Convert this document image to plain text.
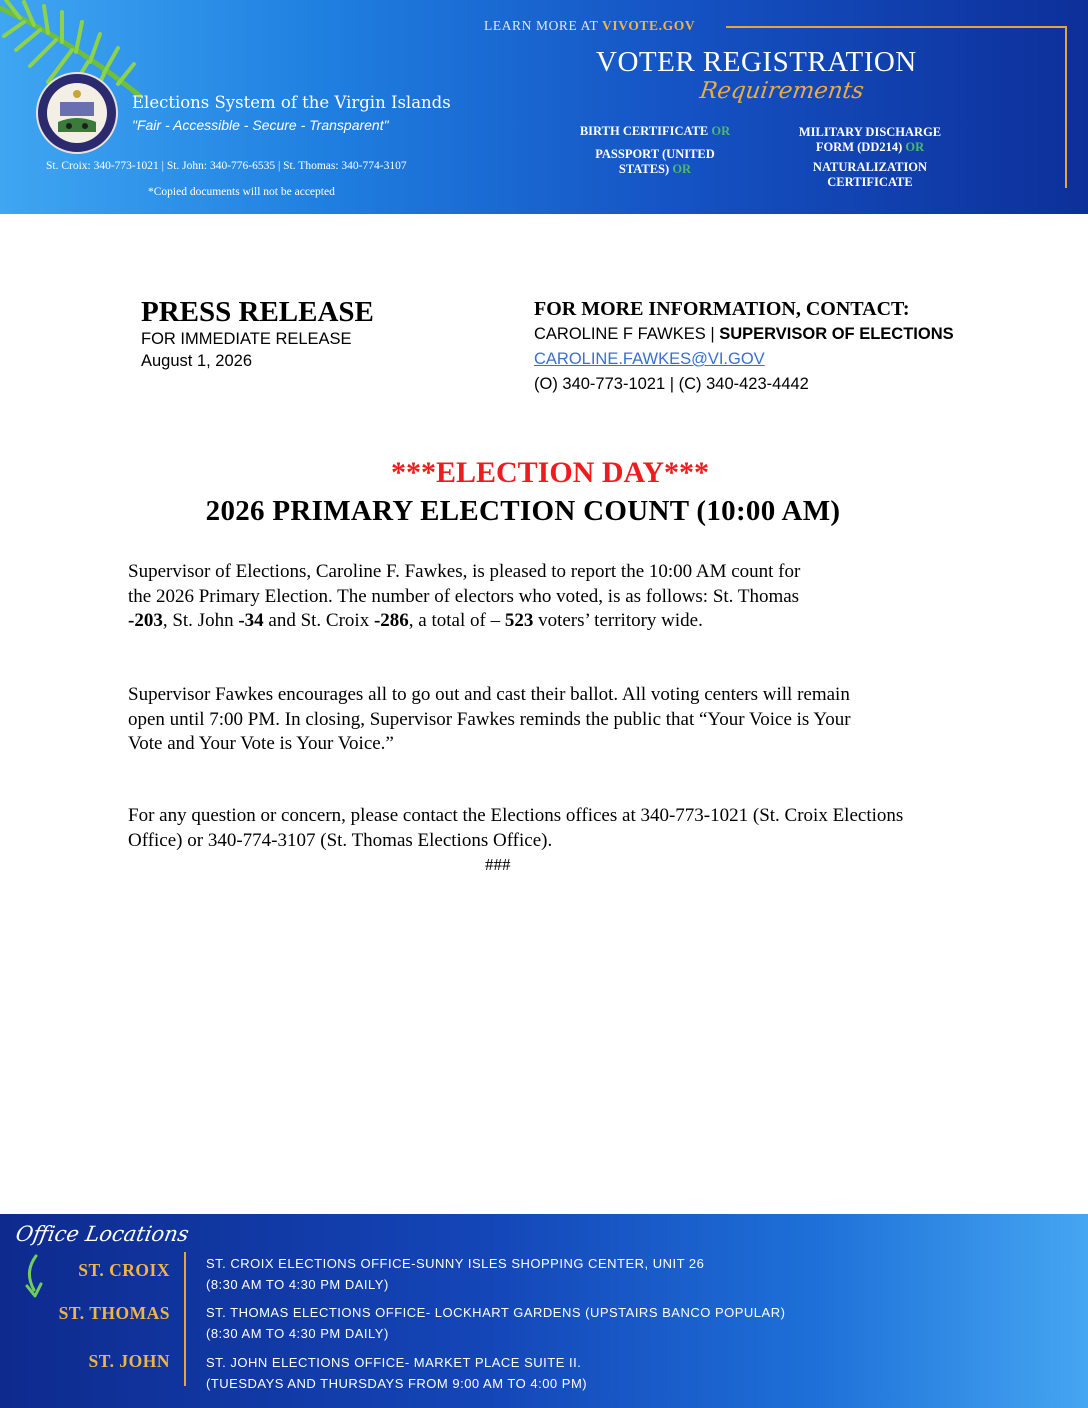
Elections System of the Virgin Islands
"Fair - Accessible - Secure - Transparent"
St. Croix: 340-773-1021 | St. John: 340-776-6535 | St. Thomas: 340-774-3107
*Copied documents will not be accepted
LEARN MORE AT VIVOTE.GOV
VOTER REGISTRATION
Requirements
BIRTH CERTIFICATE OR
PASSPORT (UNITED STATES) OR
MILITARY DISCHARGE FORM (DD214) OR
NATURALIZATION CERTIFICATE
PRESS RELEASE
FOR IMMEDIATE RELEASE
August 1, 2026
FOR MORE INFORMATION, CONTACT:
CAROLINE F FAWKES | SUPERVISOR OF ELECTIONS
CAROLINE.FAWKES@VI.GOV
(O) 340-773-1021 | (C) 340-423-4442
***ELECTION DAY***
2026 PRIMARY ELECTION COUNT (10:00 AM)
Supervisor of Elections, Caroline F. Fawkes, is pleased to report the 10:00 AM count for the 2026 Primary Election. The number of electors who voted, is as follows: St. Thomas -203, St. John -34 and St. Croix -286, a total of – 523 voters’ territory wide.
Supervisor Fawkes encourages all to go out and cast their ballot. All voting centers will remain open until 7:00 PM. In closing, Supervisor Fawkes reminds the public that “Your Voice is Your Vote and Your Vote is Your Voice.”
For any question or concern, please contact the Elections offices at 340-773-1021 (St. Croix Elections Office) or 340-774-3107 (St. Thomas Elections Office).
###
Office Locations
ST. CROIX
ST. THOMAS
ST. JOHN
ST. CROIX ELECTIONS OFFICE-SUNNY ISLES SHOPPING CENTER, UNIT 26
(8:30 AM TO 4:30 PM DAILY)
ST. THOMAS ELECTIONS OFFICE- LOCKHART GARDENS (UPSTAIRS BANCO POPULAR)
(8:30 AM TO 4:30 PM DAILY)
ST. JOHN ELECTIONS OFFICE- MARKET PLACE SUITE II.
(TUESDAYS AND THURSDAYS FROM 9:00 AM TO 4:00 PM)
